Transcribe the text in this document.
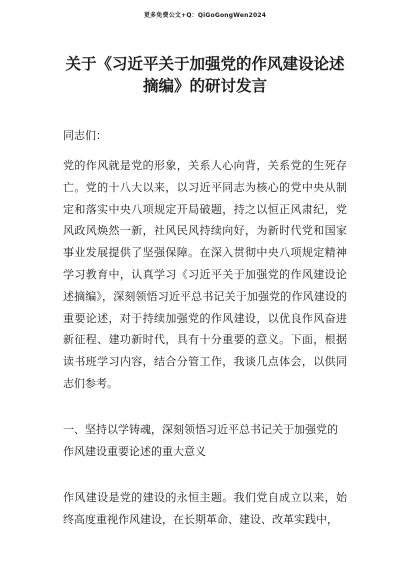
更多免费公文+Q：QiGoGongWen2024
关于《习近平关于加强党的作风建设论述摘编》的研讨发言

同志们：

党的作风就是党的形象，关系人心向背，关系党的生死存亡。党的十八大以来，以习近平同志为核心的党中央从制定和落实中央八项规定开局破题，持之以恒正风肃纪，党风政风焕然一新，社风民风持续向好，为新时代党和国家事业发展提供了坚强保障。在深入贯彻中央八项规定精神学习教育中，认真学习《习近平关于加强党的作风建设论述摘编》，深刻领悟习近平总书记关于加强党的作风建设的重要论述，对于持续加强党的作风建设，以优良作风奋进新征程、建功新时代，具有十分重要的意义。下面，根据读书班学习内容，结合分管工作，我谈几点体会，以供同志们参考。

一、坚持以学铸魂，深刻领悟习近平总书记关于加强党的作风建设重要论述的重大意义

作风建设是党的建设的永恒主题。我们党自成立以来，始终高度重视作风建设，在长期革命、建设、改革实践中，
